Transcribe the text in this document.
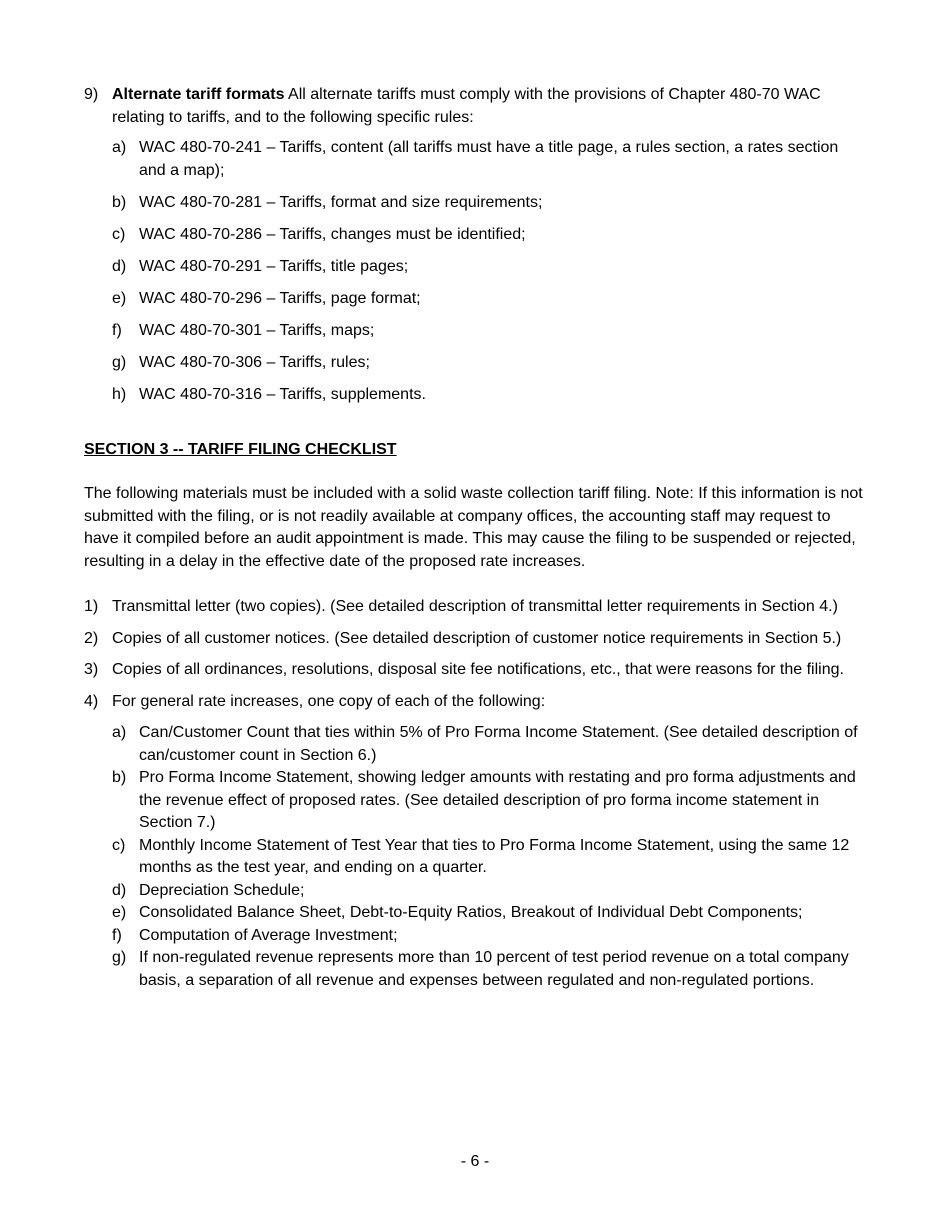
9) Alternate tariff formats All alternate tariffs must comply with the provisions of Chapter 480-70 WAC relating to tariffs, and to the following specific rules:
a) WAC 480-70-241 – Tariffs, content (all tariffs must have a title page, a rules section, a rates section and a map);
b) WAC 480-70-281 – Tariffs, format and size requirements;
c) WAC 480-70-286 – Tariffs, changes must be identified;
d) WAC 480-70-291 – Tariffs, title pages;
e) WAC 480-70-296 – Tariffs, page format;
f) WAC 480-70-301 – Tariffs, maps;
g) WAC 480-70-306 – Tariffs, rules;
h) WAC 480-70-316 – Tariffs, supplements.
SECTION 3 -- TARIFF FILING CHECKLIST
The following materials must be included with a solid waste collection tariff filing. Note: If this information is not submitted with the filing, or is not readily available at company offices, the accounting staff may request to have it compiled before an audit appointment is made. This may cause the filing to be suspended or rejected, resulting in a delay in the effective date of the proposed rate increases.
1) Transmittal letter (two copies). (See detailed description of transmittal letter requirements in Section 4.)
2) Copies of all customer notices. (See detailed description of customer notice requirements in Section 5.)
3) Copies of all ordinances, resolutions, disposal site fee notifications, etc., that were reasons for the filing.
4) For general rate increases, one copy of each of the following:
a) Can/Customer Count that ties within 5% of Pro Forma Income Statement. (See detailed description of can/customer count in Section 6.)
b) Pro Forma Income Statement, showing ledger amounts with restating and pro forma adjustments and the revenue effect of proposed rates. (See detailed description of pro forma income statement in Section 7.)
c) Monthly Income Statement of Test Year that ties to Pro Forma Income Statement, using the same 12 months as the test year, and ending on a quarter.
d) Depreciation Schedule;
e) Consolidated Balance Sheet, Debt-to-Equity Ratios, Breakout of Individual Debt Components;
f) Computation of Average Investment;
g) If non-regulated revenue represents more than 10 percent of test period revenue on a total company basis, a separation of all revenue and expenses between regulated and non-regulated portions.
- 6 -
